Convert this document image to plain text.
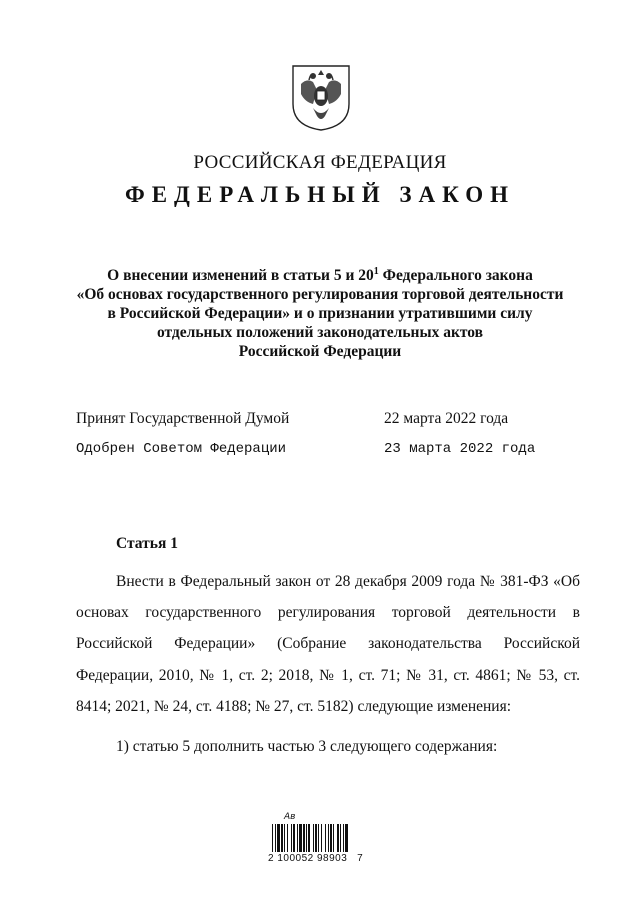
РОССИЙСКАЯ ФЕДЕРАЦИЯ
ФЕДЕРАЛЬНЫЙ ЗАКОН
О внесении изменений в статьи 5 и $20^1$ Федерального закона
«Об основах государственного регулирования торговой деятельности
в Российской Федерации» и о признании утратившими силу
отдельных положений законодательных актов
Российской Федерации
Принят Государственной Думой	22 марта 2022 года
Одобрен Советом Федерации	23 марта 2022 года
Статья 1

Внести в Федеральный закон от 28 декабря 2009 года № 381-ФЗ «Об основах государственного регулирования торговой деятельности в Российской Федерации» (Собрание законодательства Российской Федерации, 2010, № 1, ст. 2; 2018, № 1, ст. 71; № 31, ст. 4861; № 53, ст. 8414; 2021, № 24, ст. 4188; № 27, ст. 5182) следующие изменения:

1) статью 5 дополнить частью 3 следующего содержания:
Ав
2 100052 98903   7
